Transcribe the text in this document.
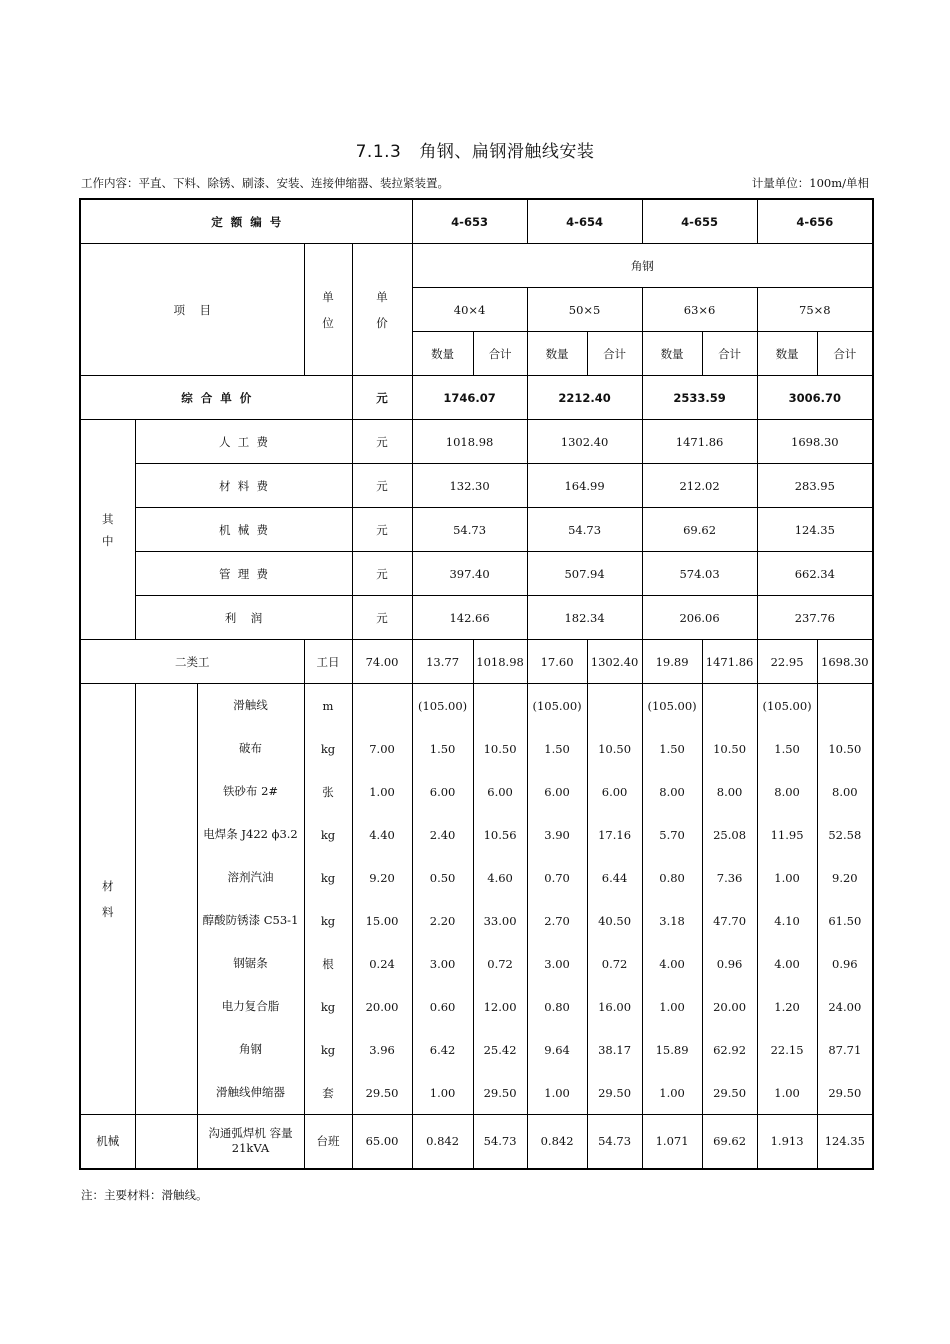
7.1.3 角钢、扁钢滑触线安装
工作内容：平直、下料、除锈、刷漆、安装、连接伸缩器、装拉紧装置。	计量单位：100m/单相
定  额  编  号					4-653		4-654		4-655		4-656	
项    目			单位	单价	角钢							
					40×4		50×5		63×6		75×8	
					数量	合计	数量	合计	数量	合计	数量	合计
综  合  单  价				元	1746.07		2212.40		2533.59		3006.70	
其中	人  工  费			元	1018.98		1302.40		1471.86		1698.30	
	材  料  费			元	132.30		164.99		212.02		283.95	
	机  械  费			元	54.73		54.73		69.62		124.35	
	管  理  费			元	397.40		507.94		574.03		662.34	
	利    润			元	142.66		182.34		206.06		237.76	
二类工			工日	74.00	13.77	1018.98	17.60	1302.40	19.89	1471.86	22.95	1698.30
材料		滑触线	m		(105.00)		(105.00)		(105.00)		(105.00)	
		破布	kg	7.00	1.50	10.50	1.50	10.50	1.50	10.50	1.50	10.50
		铁砂布 2#	张	1.00	6.00	6.00	6.00	6.00	8.00	8.00	8.00	8.00
		电焊条 J422 ϕ3.2	kg	4.40	2.40	10.56	3.90	17.16	5.70	25.08	11.95	52.58
		溶剂汽油	kg	9.20	0.50	4.60	0.70	6.44	0.80	7.36	1.00	9.20
		醇酸防锈漆 C53-1	kg	15.00	2.20	33.00	2.70	40.50	3.18	47.70	4.10	61.50
		钢锯条	根	0.24	3.00	0.72	3.00	0.72	4.00	0.96	4.00	0.96
		电力复合脂	kg	20.00	0.60	12.00	0.80	16.00	1.00	20.00	1.20	24.00
		角钢	kg	3.96	6.42	25.42	9.64	38.17	15.89	62.92	22.15	87.71
		滑触线伸缩器	套	29.50	1.00	29.50	1.00	29.50	1.00	29.50	1.00	29.50
机械		沟通弧焊机 容量 21kVA	台班	65.00	0.842	54.73	0.842	54.73	1.071	69.62	1.913	124.35
注：主要材料：滑触线。
